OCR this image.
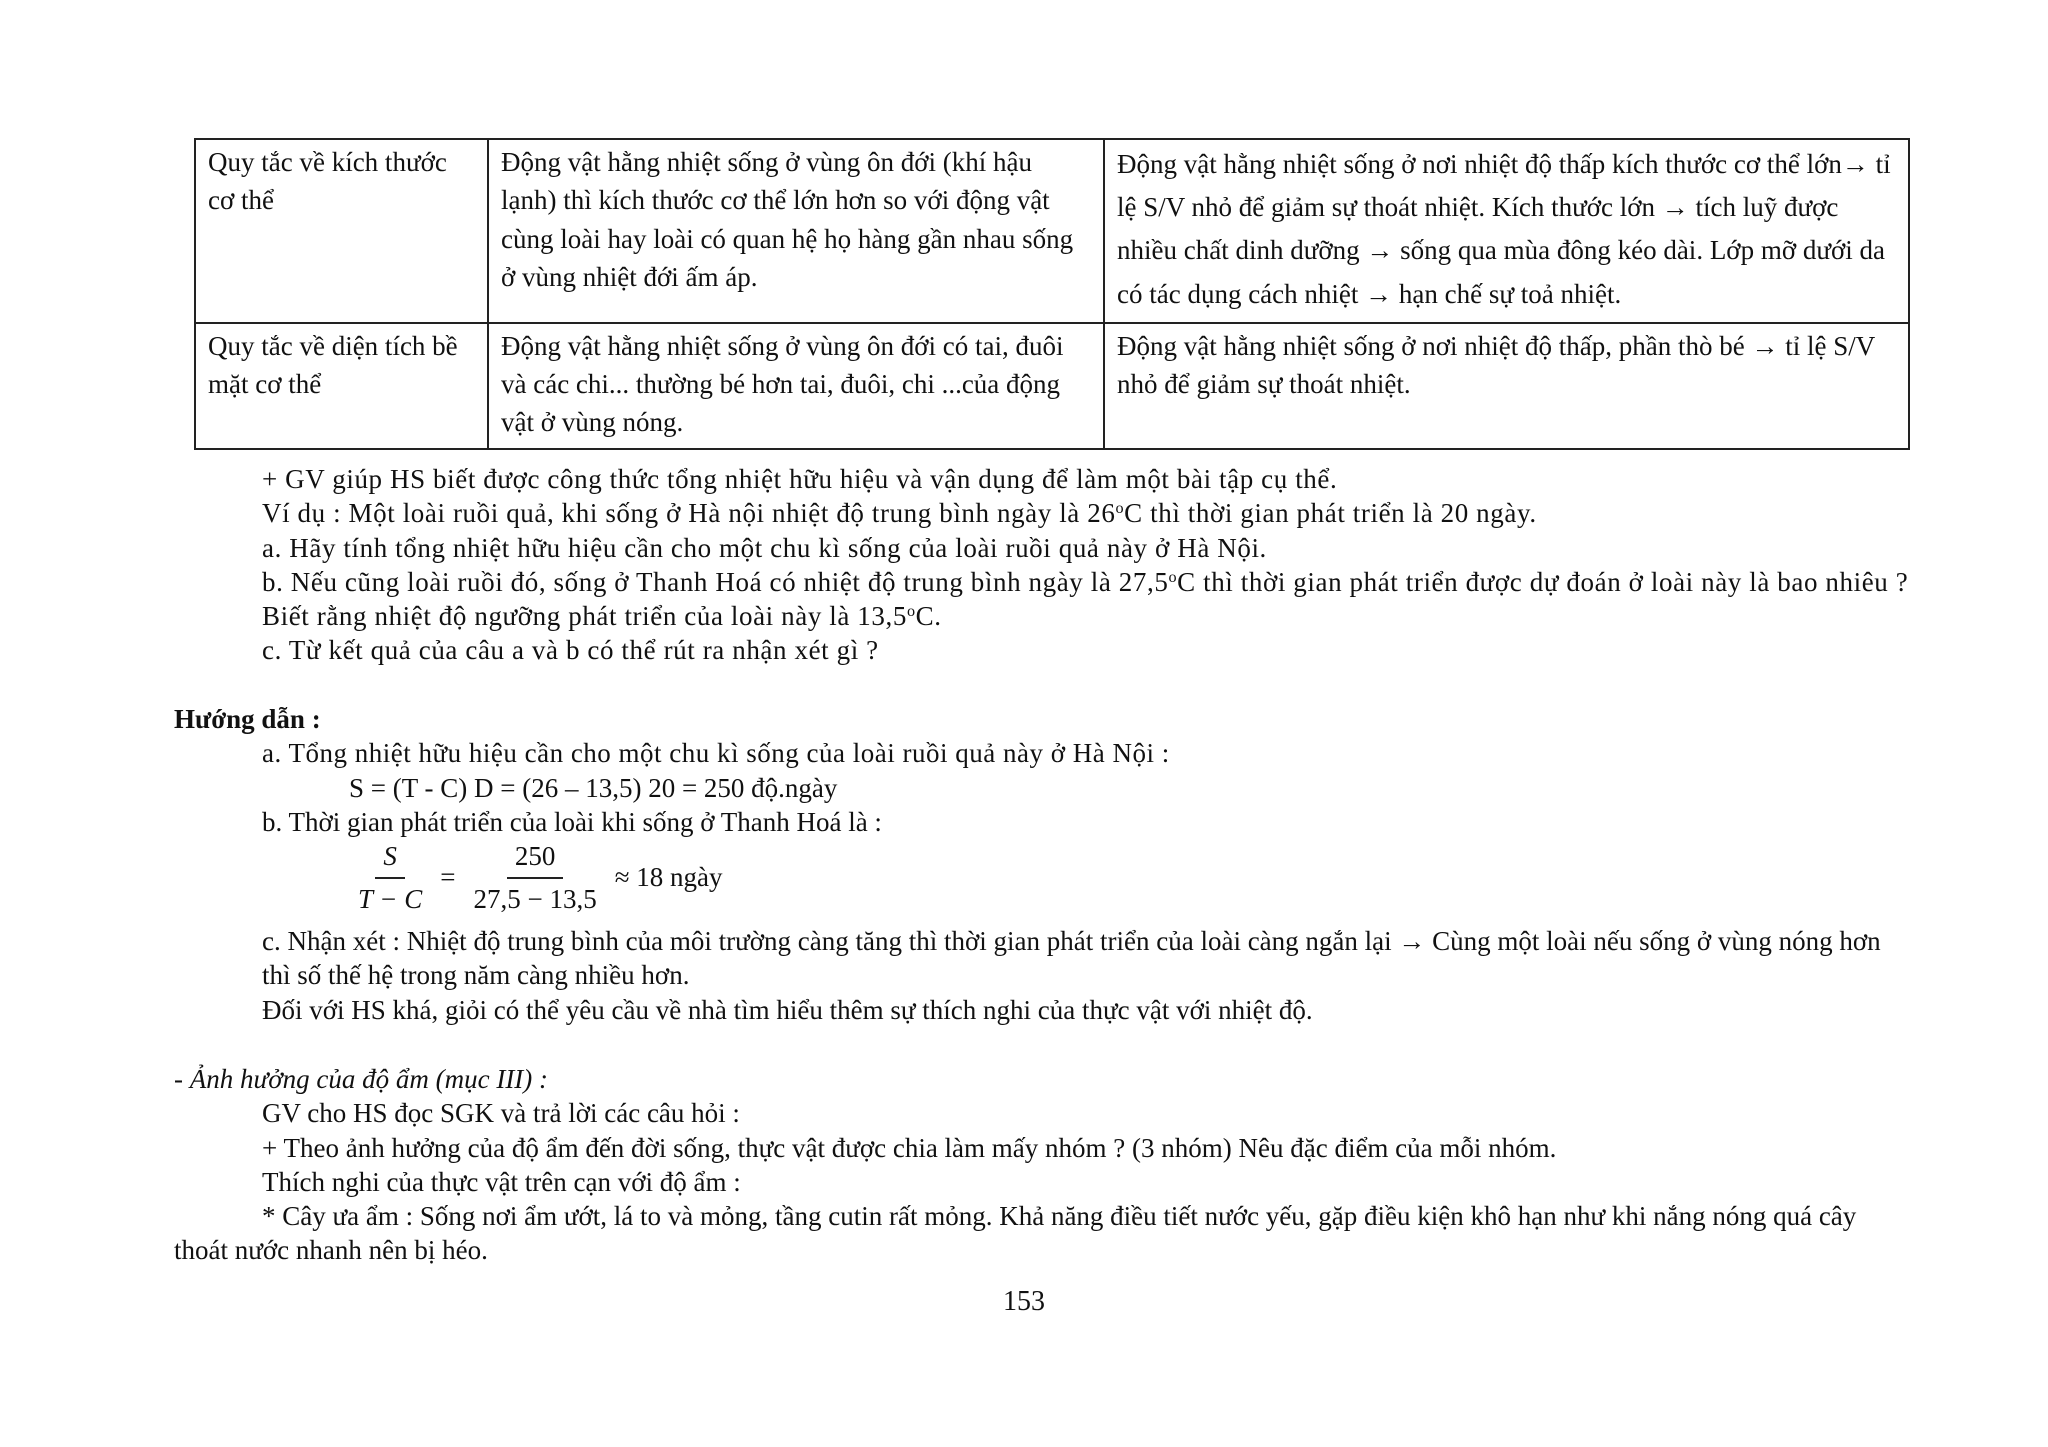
Quy tắc về kích thước cơ thể	Động vật hằng nhiệt sống ở vùng ôn đới (khí hậu lạnh) thì kích thước cơ thể lớn hơn so với động vật cùng loài hay loài có quan hệ họ hàng gần nhau sống ở vùng nhiệt đới ấm áp.	Động vật hằng nhiệt sống ở nơi nhiệt độ thấp kích thước cơ thể lớn→ tỉ lệ S/V nhỏ để giảm sự thoát nhiệt. Kích thước lớn → tích luỹ được nhiều chất dinh dưỡng → sống qua mùa đông kéo dài. Lớp mỡ dưới da có tác dụng cách nhiệt → hạn chế sự toả nhiệt.
Quy tắc về diện tích bề mặt cơ thể	Động vật hằng nhiệt sống ở vùng ôn đới có tai, đuôi và các chi... thường bé hơn tai, đuôi, chi ...của động vật ở vùng nóng.	Động vật hằng nhiệt sống ở nơi nhiệt độ thấp, phần thò bé → tỉ lệ S/V nhỏ để giảm sự thoát nhiệt.

+ GV giúp HS biết được công thức tổng nhiệt hữu hiệu và vận dụng để làm một bài tập cụ thể.

Ví dụ : Một loài ruồi quả, khi sống ở Hà nội nhiệt độ trung bình ngày là 26$^o$C thì thời gian phát triển là 20 ngày.

a. Hãy tính tổng nhiệt hữu hiệu cần cho một chu kì sống của loài ruồi quả này ở Hà Nội.

b. Nếu cũng loài ruồi đó, sống ở Thanh Hoá có nhiệt độ trung bình ngày là 27,5$^o$C thì thời gian phát triển được dự đoán ở loài này là bao nhiêu ? Biết rằng nhiệt độ ngưỡng phát triển của loài này là 13,5$^o$C.

c. Từ kết quả của câu a và b có thể rút ra nhận xét gì ?

Hướng dẫn :

a. Tổng nhiệt hữu hiệu cần cho một chu kì sống của loài ruồi quả này ở Hà Nội :

S = (T - C) D = (26 – 13,5) 20 = 250 độ.ngày

b. Thời gian phát triển của loài khi sống ở Thanh Hoá là :

$\frac{S}{T - C} = \frac{250}{27,5 - 13,5} \approx 18$ ngày

c. Nhận xét : Nhiệt độ trung bình của môi trường càng tăng thì thời gian phát triển của loài càng ngắn lại → Cùng một loài nếu sống ở vùng nóng hơn thì số thế hệ trong năm càng nhiều hơn.

Đối với HS khá, giỏi có thể yêu cầu về nhà tìm hiểu thêm sự thích nghi của thực vật với nhiệt độ.

- Ảnh hưởng của độ ẩm (mục III) :

GV cho HS đọc SGK và trả lời các câu hỏi :

+ Theo ảnh hưởng của độ ẩm đến đời sống, thực vật được chia làm mấy nhóm ? (3 nhóm) Nêu đặc điểm của mỗi nhóm.

Thích nghi của thực vật trên cạn với độ ẩm :

* Cây ưa ẩm : Sống nơi ẩm ướt, lá to và mỏng, tầng cutin rất mỏng. Khả năng điều tiết nước yếu, gặp điều kiện khô hạn như khi nắng nóng quá cây thoát nước nhanh nên bị héo.

153
